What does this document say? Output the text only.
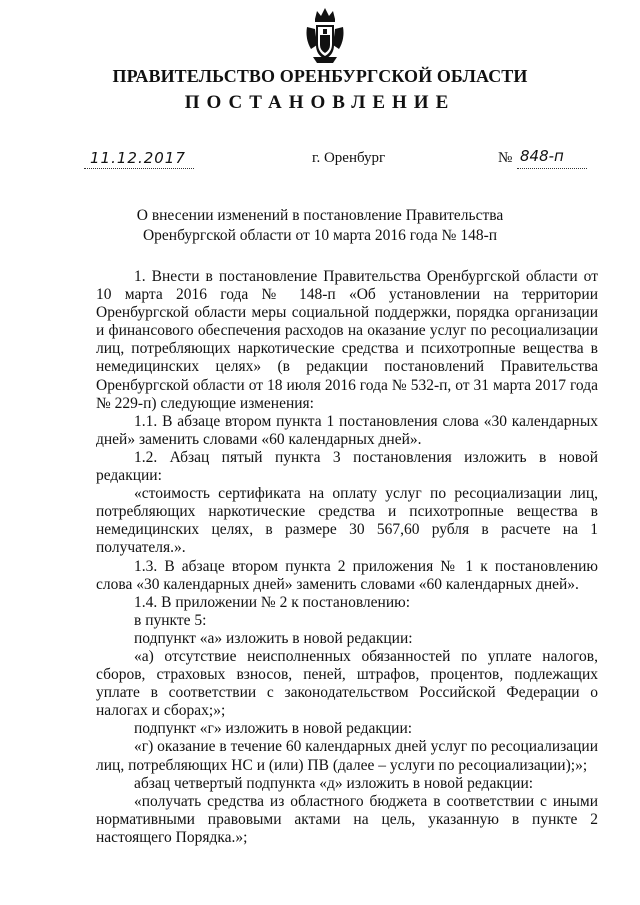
ПРАВИТЕЛЬСТВО ОРЕНБУРГСКОЙ ОБЛАСТИ
ПОСТАНОВЛЕНИЕ
11.12.2017	г. Оренбург	№ 848-п
О внесении изменений в постановление Правительства
Оренбургской области от 10 марта 2016 года № 148-п

1. Внести в постановление Правительства Оренбургской области от 10 марта 2016 года № 148-п «Об установлении на территории Оренбургской области меры социальной поддержки, порядка организации и финансового обеспечения расходов на оказание услуг по ресоциализации лиц, потребляющих наркотические средства и психотропные вещества в немедицинских целях» (в редакции постановлений Правительства Оренбургской области от 18 июля 2016 года № 532-п, от 31 марта 2017 года № 229-п) следующие изменения:

1.1. В абзаце втором пункта 1 постановления слова «30 календарных дней» заменить словами «60 календарных дней».

1.2. Абзац пятый пункта 3 постановления изложить в новой редакции:

«стоимость сертификата на оплату услуг по ресоциализации лиц, потребляющих наркотические средства и психотропные вещества в немедицинских целях, в размере 30 567,60 рубля в расчете на 1 получателя.».

1.3. В абзаце втором пункта 2 приложения № 1 к постановлению слова «30 календарных дней» заменить словами «60 календарных дней».

1.4. В приложении № 2 к постановлению:

в пункте 5:

подпункт «а» изложить в новой редакции:

«а) отсутствие неисполненных обязанностей по уплате налогов, сборов, страховых взносов, пеней, штрафов, процентов, подлежащих уплате в соответствии с законодательством Российской Федерации о налогах и сборах;»;

подпункт «г» изложить в новой редакции:

«г) оказание в течение 60 календарных дней услуг по ресоциализации лиц, потребляющих НС и (или) ПВ (далее – услуги по ресоциализации);»;

абзац четвертый подпункта «д» изложить в новой редакции:

«получать средства из областного бюджета в соответствии с иными нормативными правовыми актами на цель, указанную в пункте 2 настоящего Порядка.»;
